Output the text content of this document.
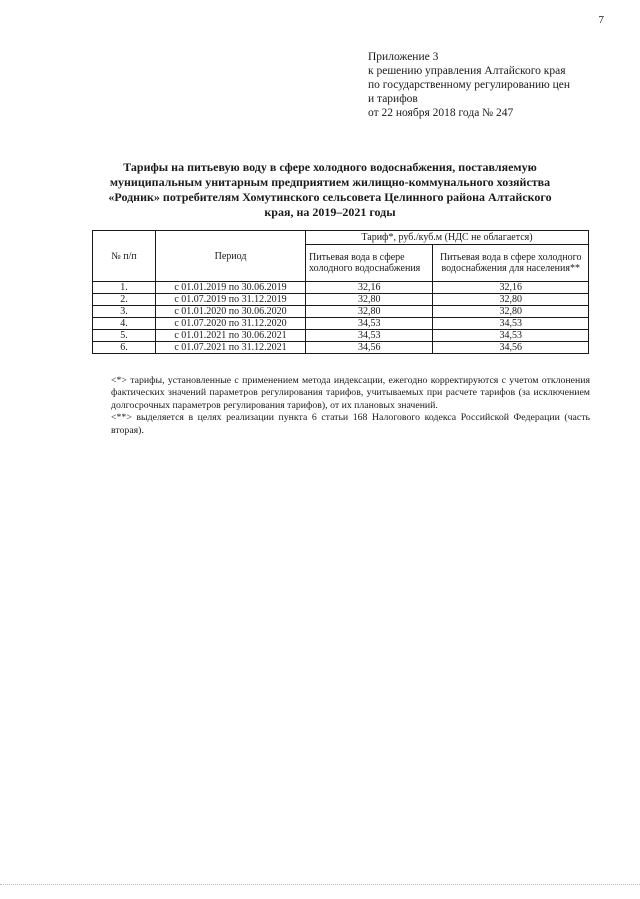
7
Приложение 3
к решению управления Алтайского края
по государственному регулированию цен
и тарифов
от 22 ноября 2018 года № 247
Тарифы на питьевую воду в сфере холодного водоснабжения, поставляемую
муниципальным унитарным предприятием жилищно-коммунального хозяйства
«Родник» потребителям Хомутинского сельсовета Целинного района Алтайского
края, на 2019–2021 годы
№ п/п	Период	Тариф*, руб./куб.м (НДС не облагается)	
		Питьевая вода в сфере холодного водоснабжения	Питьевая вода в сфере холодного водоснабжения для населения**
1.	с 01.01.2019 по 30.06.2019	32,16	32,16
2.	с 01.07.2019 по 31.12.2019	32,80	32,80
3.	с 01.01.2020 по 30.06.2020	32,80	32,80
4.	с 01.07.2020 по 31.12.2020	34,53	34,53
5.	с 01.01.2021 по 30.06.2021	34,53	34,53
6.	с 01.07.2021 по 31.12.2021	34,56	34,56

<*> тарифы, установленные с применением метода индексации, ежегодно корректируются с учетом отклонения фактических значений параметров регулирования тарифов, учитываемых при расчете тарифов (за исключением долгосрочных параметров регулирования тарифов), от их плановых значений.

<**> выделяется в целях реализации пункта 6 статьи 168 Налогового кодекса Российской Федерации (часть вторая).
